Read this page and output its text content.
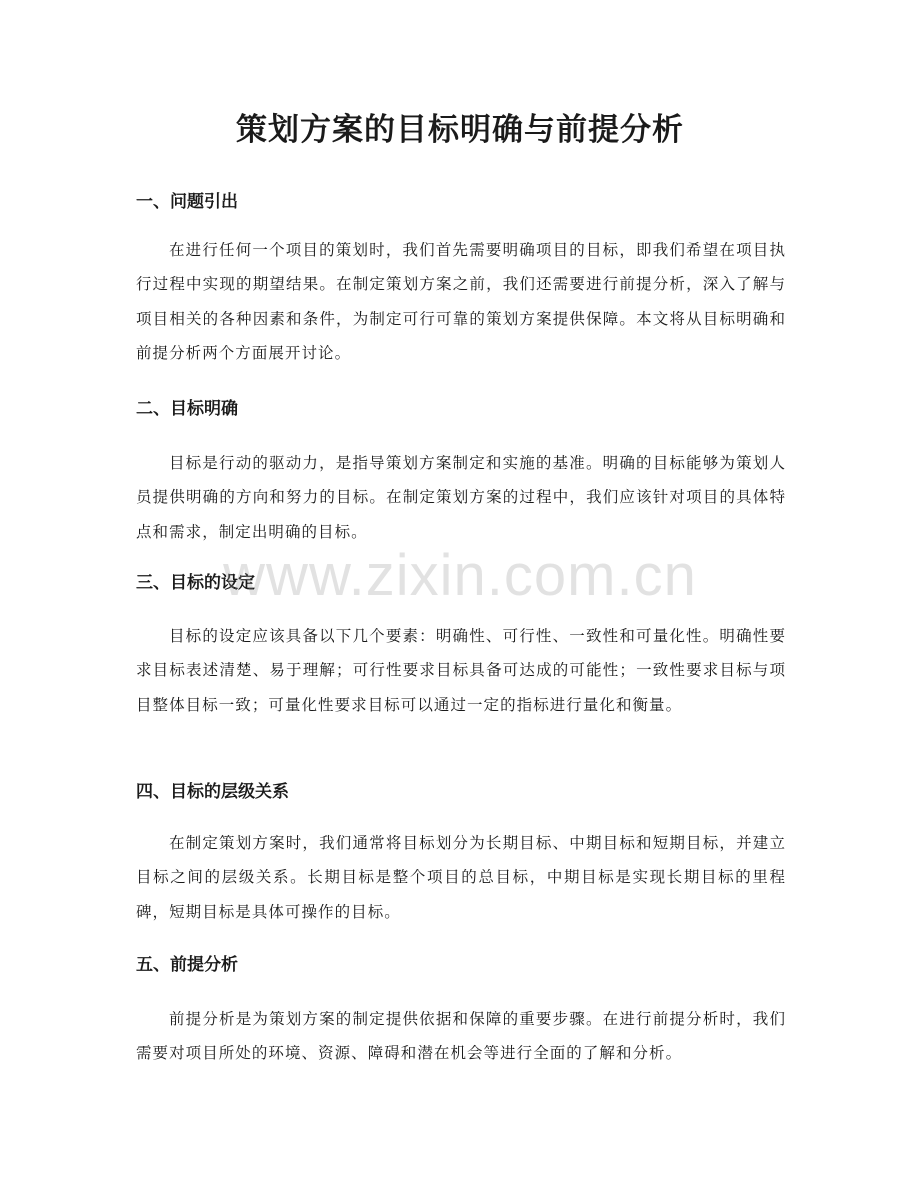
策划方案的目标明确与前提分析
一、问题引出

在进行任何一个项目的策划时，我们首先需要明确项目的目标，即我们希望在项目执行过程中实现的期望结果。在制定策划方案之前，我们还需要进行前提分析，深入了解与项目相关的各种因素和条件，为制定可行可靠的策划方案提供保障。本文将从目标明确和前提分析两个方面展开讨论。

二、目标明确

目标是行动的驱动力，是指导策划方案制定和实施的基准。明确的目标能够为策划人员提供明确的方向和努力的目标。在制定策划方案的过程中，我们应该针对项目的具体特点和需求，制定出明确的目标。

三、目标的设定

目标的设定应该具备以下几个要素：明确性、可行性、一致性和可量化性。明确性要求目标表述清楚、易于理解；可行性要求目标具备可达成的可能性；一致性要求目标与项目整体目标一致；可量化性要求目标可以通过一定的指标进行量化和衡量。

四、目标的层级关系

在制定策划方案时，我们通常将目标划分为长期目标、中期目标和短期目标，并建立目标之间的层级关系。长期目标是整个项目的总目标，中期目标是实现长期目标的里程碑，短期目标是具体可操作的目标。

五、前提分析

前提分析是为策划方案的制定提供依据和保障的重要步骤。在进行前提分析时，我们需要对项目所处的环境、资源、障碍和潜在机会等进行全面的了解和分析。

www.zixin.com.cn
